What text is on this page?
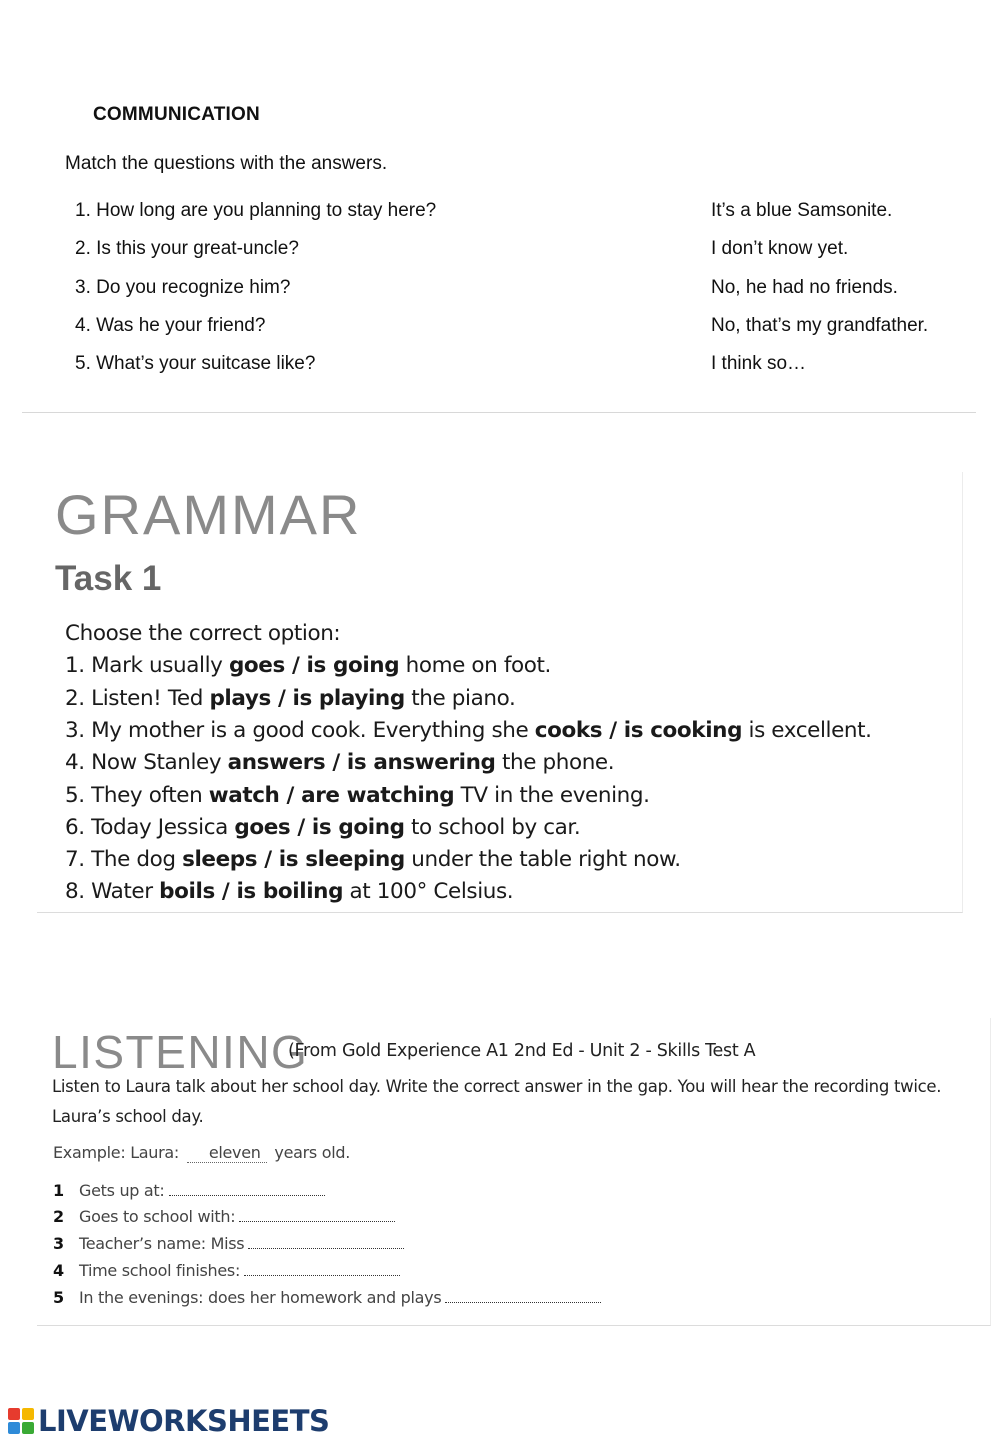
COMMUNICATION
Match the questions with the answers.
1. How long are you planning to stay here?
2. Is this your great-uncle?
3. Do you recognize him?
4. Was he your friend?
5. What’s your suitcase like?
It’s a blue Samsonite.
I don’t know yet.
No, he had no friends.
No, that’s my grandfather.
I think so…
GRAMMAR
Task 1
Choose the correct option:
1. Mark usually goes / is going home on foot.
2. Listen! Ted plays / is playing the piano.
3. My mother is a good cook. Everything she cooks / is cooking is excellent.
4. Now Stanley answers / is answering the phone.
5. They often watch / are watching TV in the evening.
6. Today Jessica goes / is going to school by car.
7. The dog sleeps / is sleeping under the table right now.
8. Water boils / is boiling at 100° Celsius.
LISTENING
(From Gold Experience A1 2nd Ed - Unit 2 - Skills Test A
Listen to Laura talk about her school day. Write the correct answer in the gap. You will hear the recording twice.
Laura’s school day.
Example: Laura: eleven years old.
1 Gets up at:
2 Goes to school with:
3 Teacher’s name: Miss
4 Time school finishes:
5 In the evenings: does her homework and plays
LIVEWORKSHEETS
